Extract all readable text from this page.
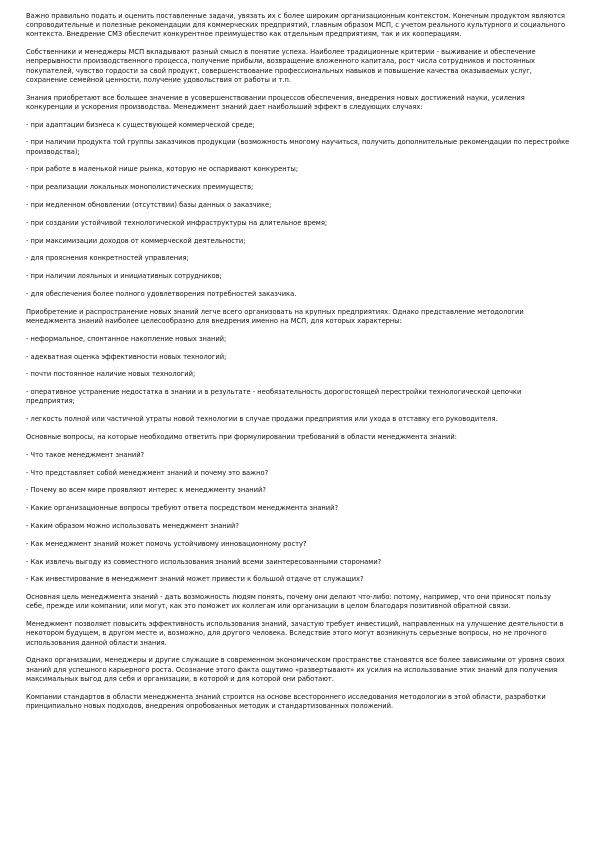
Важно правильно подать и оценить поставленные задачи, увязать их с более широким организационным контекстом. Конечным продуктом являются сопроводительные и полезные рекомендации для коммерческих предприятий, главным образом МСП, с учетом реального культурного и социального контекста. Внедрение СМЗ обеспечит конкурентное преимущество как отдельным предприятиям, так и их кооперациям.

Собственники и менеджеры МСП вкладывают разный смысл в понятие успеха. Наиболее традиционные критерии - выживание и обеспечение непрерывности производственного процесса, получение прибыли, возвращение вложенного капитала, рост числа сотрудников и постоянных покупателей, чувство гордости за свой продукт, совершенствование профессиональных навыков и повышение качества оказываемых услуг, сохранение семейной ценности, получение удовольствия от работы и т.п.

Знания приобретают все большее значение в усовершенствовании процессов обеспечения, внедрения новых достижений науки, усиления конкуренции и ускорения производства. Менеджмент знаний дает наибольший эффект в следующих случаях:

- при адаптации бизнеса к существующей коммерческой среде;

- при наличии продукта той группы заказчиков продукции (возможность многому научиться, получить дополнительные рекомендации по перестройке производства);

- при работе в маленькой нише рынка, которую не оспаривают конкуренты;

- при реализации локальных монополистических преимуществ;

- при медленном обновлении (отсутствии) базы данных о заказчике;

- при создании устойчивой технологической инфраструктуры на длительное время;

- при максимизации доходов от коммерческой деятельности;

- для прояснения конкретностей управления;

- при наличии лояльных и инициативных сотрудников;

- для обеспечения более полного удовлетворения потребностей заказчика.

Приобретение и распространение новых знаний легче всего организовать на крупных предприятиях. Однако представление методологии менеджмента знаний наиболее целесообразно для внедрения именно на МСП, для которых характерны:

- неформальное, спонтанное накопление новых знаний;

- адекватная оценка эффективности новых технологий;

- почти постоянное наличие новых технологий;

- оперативное устранение недостатка в знании и в результате - необязательность дорогостоящей перестройки технологической цепочки предприятия;

- легкость полной или частичной утраты новой технологии в случае продажи предприятия или ухода в отставку его руководителя.

Основные вопросы, на которые необходимо ответить при формулировании требований в области менеджмента знаний:

- Что такое менеджмент знаний?

- Что представляет собой менеджмент знаний и почему это важно?

- Почему во всем мире проявляют интерес к менеджменту знаний?

- Какие организационные вопросы требуют ответа посредством менеджмента знаний?

- Каким образом можно использовать менеджмент знаний?

- Как менеджмент знаний может помочь устойчивому инновационному росту?

- Как извлечь выгоду из совместного использования знаний всеми заинтересованными сторонами?

- Как инвестирование в менеджмент знаний может привести к большой отдаче от служащих?

Основная цель менеджмента знаний - дать возможность людям понять, почему они делают что-либо: потому, например, что они приносят пользу себе, прежде или компании, или могут, как это поможет их коллегам или организации в целом благодаря позитивной обратной связи.

Менеджмент позволяет повысить эффективность использования знаний, зачастую требует инвестиций, направленных на улучшение деятельности в некотором будущем, в другом месте и, возможно, для другого человека. Вследствие этого могут возникнуть серьезные вопросы, но не прочного использования данной области знания.

Однако организации, менеджеры и другие служащие в современном экономическом пространстве становятся все более зависимыми от уровня своих знаний для успешного карьерного роста. Осознание этого факта ощутимо «развертывают» их усилия на использование этих знаний для получения максимальных выгод для себя и организации, в которой и для которой они работают.

Компании стандартов в области менеджмента знаний строится на основе всестороннего исследования методологии в этой области, разработки принципиально новых подходов, внедрения опробованных методик и стандартизованных положений.
